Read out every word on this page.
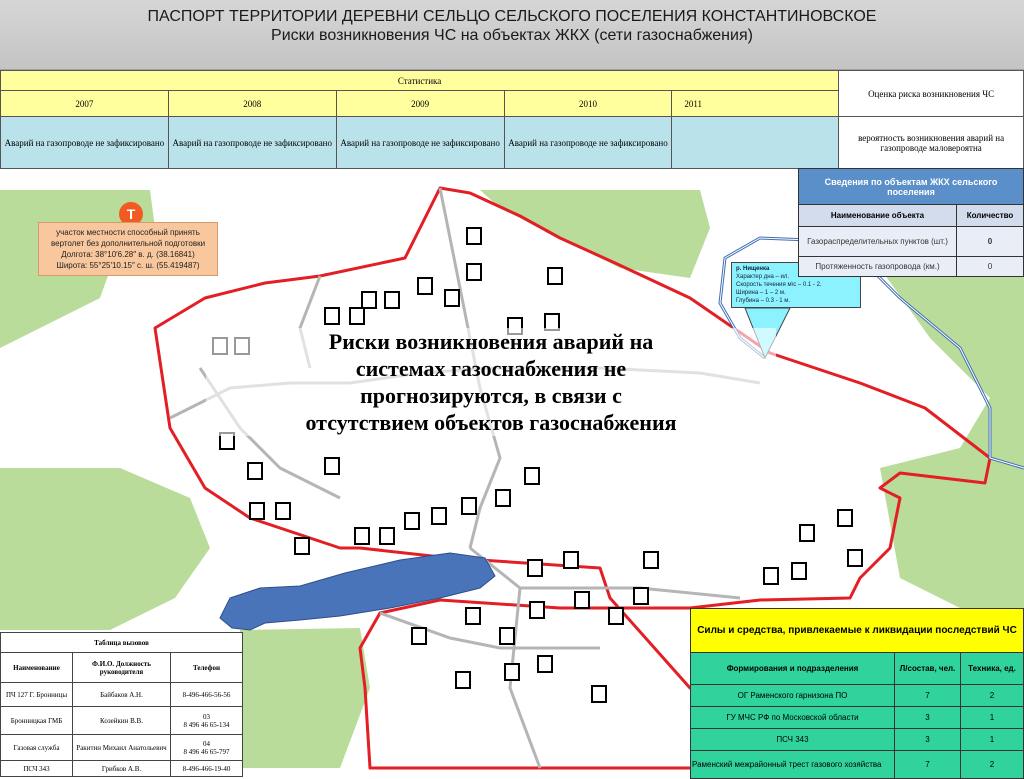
ПАСПОРТ ТЕРРИТОРИИ ДЕРЕВНИ СЕЛЬЦО СЕЛЬСКОГО ПОСЕЛЕНИЯ КОНСТАНТИНОВСКОЕ
Риски возникновения ЧС на объектах ЖКХ (сети газоснабжения)
Статистика					Оценка риска возникновения ЧС
2007	2008	2009	2010	2011	
Аварий на газопроводе не зафиксировано	Аварий на газопроводе не зафиксировано	Аварий на газопроводе не зафиксировано	Аварий на газопроводе не зафиксировано		вероятность возникновения аварий на газопроводе маловероятна
Т
участок местности способный принять
вертолет без дополнительной подготовки
Долгота: 38°10′6.28″ в. д. (38.16841)
Широта: 55°25′10.15″ с. ш. (55.419487)	р. Нищенка
Характер дна – ил.
Скорость течения м\с – 0.1 - 2.
Ширина – 1 – 2 м.
Глубина – 0.3 - 1 м.
Риски возникновения аварий на
системах газоснабжения не
прогнозируются, в связи с
отсутствием объектов газоснабжения
Сведения по объектам ЖКХ сельского поселения	
Наименование объекта	Количество
Газораспределительных пунктов (шт.)	0
Протяженность газопровода (км.)	0
Таблица вызовов		
Наименование	Ф.И.О. Должность руководителя	Телефон
ПЧ 127 Г. Бронницы	Байбаков А.Н.	8-496-466-56-56
Бронницкая ГМБ	Козейкин В.В.	03
8 496 46 65-134
Газовая служба	Ракитин Михаил Анатольевич	04
8 496 46 65-797
ПСЧ 343	Грибков А.В.	8-496-466-19-40
Силы и средства, привлекаемые к ликвидации последствий ЧС		
Формирования и подразделения	Л/состав, чел.	Техника, ед.
ОГ Раменского гарнизона ПО	7	2
ГУ МЧС РФ по Московской области	3	1
ПСЧ 343	3	1
Раменский межрайонный трест газового хозяйства	7	2
